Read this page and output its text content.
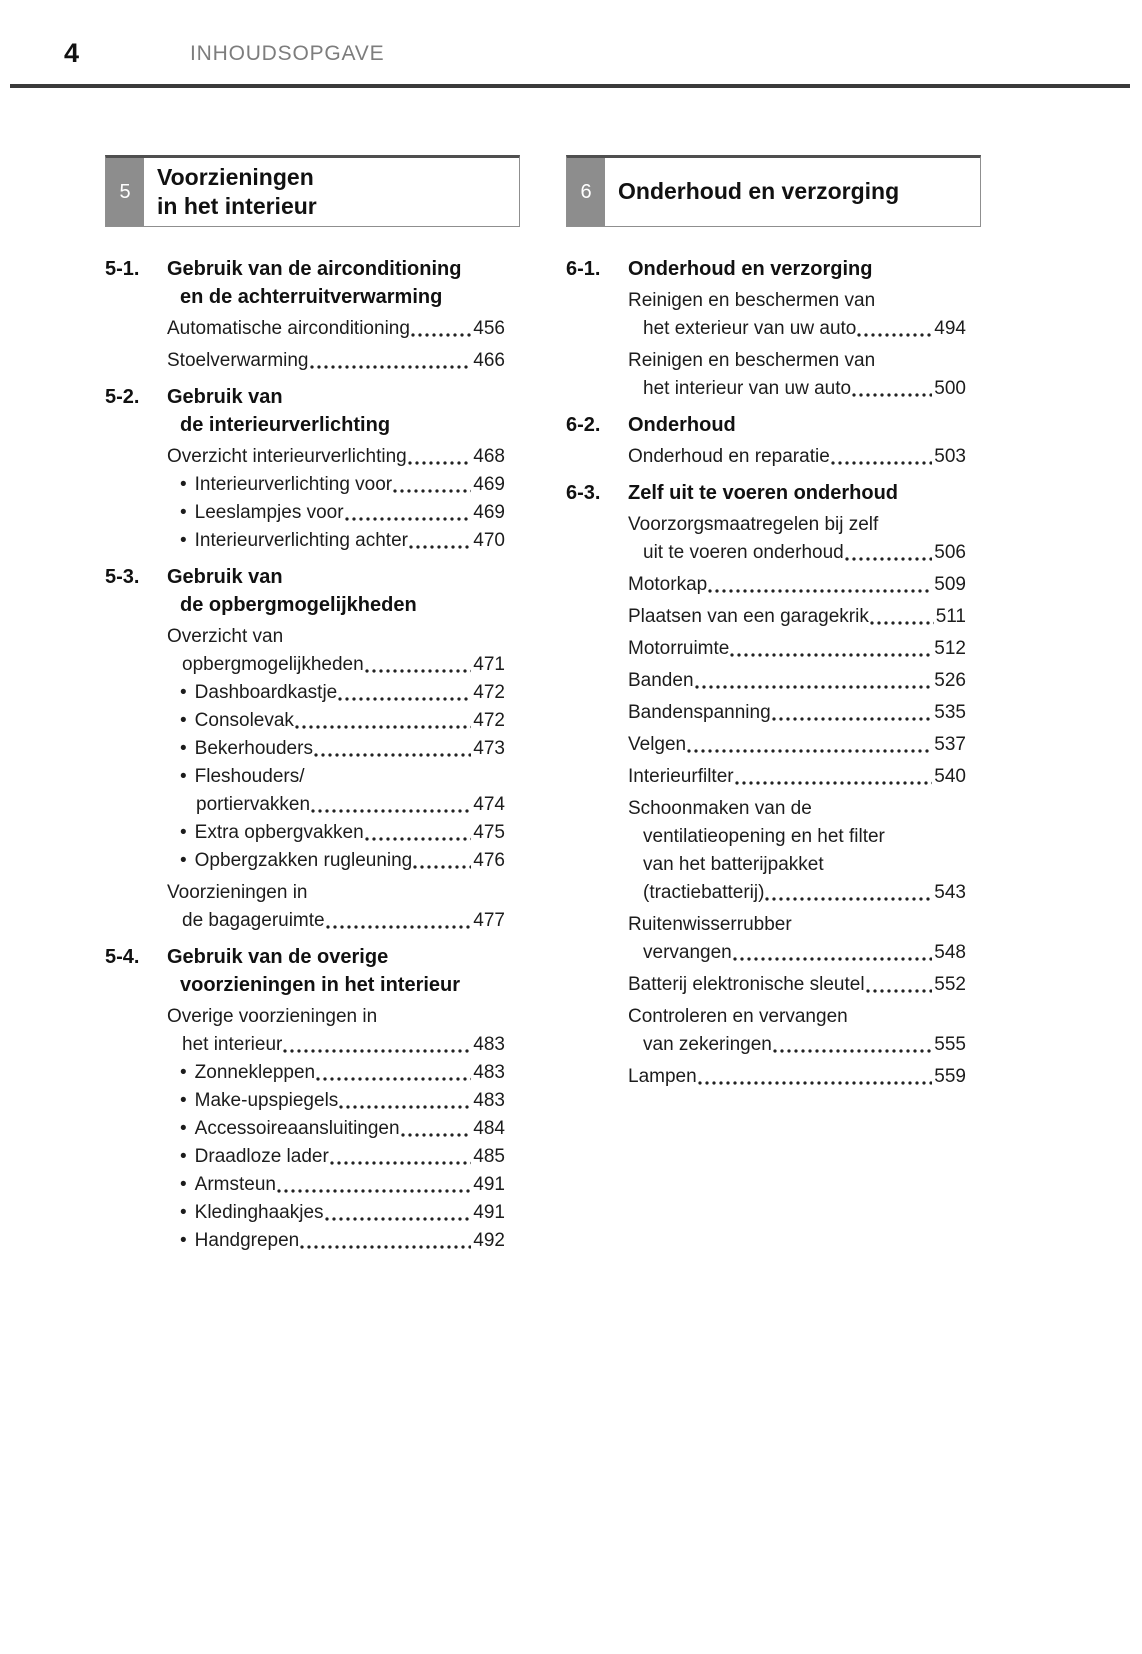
4	INHOUDSOPGAVE
5
Voorzieningen
in het interieur
5-1.	Gebruik van de airconditioning
en de achterruitverwarming
Automatische airconditioning	456
Stoelverwarming	466
5-2.	Gebruik van
de interieurverlichting
Overzicht interieurverlichting	468
• Interieurverlichting voor	469
• Leeslampjes voor	469
• Interieurverlichting achter	470
5-3.	Gebruik van
de opbergmogelijkheden
Overzicht van
opbergmogelijkheden	471
• Dashboardkastje	472
• Consolevak	472
• Bekerhouders	473
• Fleshouders/
portiervakken	474
• Extra opbergvakken	475
• Opbergzakken rugleuning	476
Voorzieningen in
de bagageruimte	477
5-4.	Gebruik van de overige
voorzieningen in het interieur
Overige voorzieningen in
het interieur	483
• Zonnekleppen	483
• Make-upspiegels	483
• Accessoireaansluitingen	484
• Draadloze lader	485
• Armsteun	491
• Kledinghaakjes	491
• Handgrepen	492
6	Onderhoud en verzorging
6-1.	Onderhoud en verzorging
Reinigen en beschermen van
het exterieur van uw auto	494
Reinigen en beschermen van
het interieur van uw auto	500
6-2.	Onderhoud
Onderhoud en reparatie	503
6-3.	Zelf uit te voeren onderhoud
Voorzorgsmaatregelen bij zelf
uit te voeren onderhoud	506
Motorkap	509
Plaatsen van een garagekrik	511
Motorruimte	512
Banden	526
Bandenspanning	535
Velgen	537
Interieurfilter	540
Schoonmaken van de
ventilatieopening en het filter
van het batterijpakket
(tractiebatterij)	543
Ruitenwisserrubber
vervangen	548
Batterij elektronische sleutel	552
Controleren en vervangen
van zekeringen	555
Lampen	559
